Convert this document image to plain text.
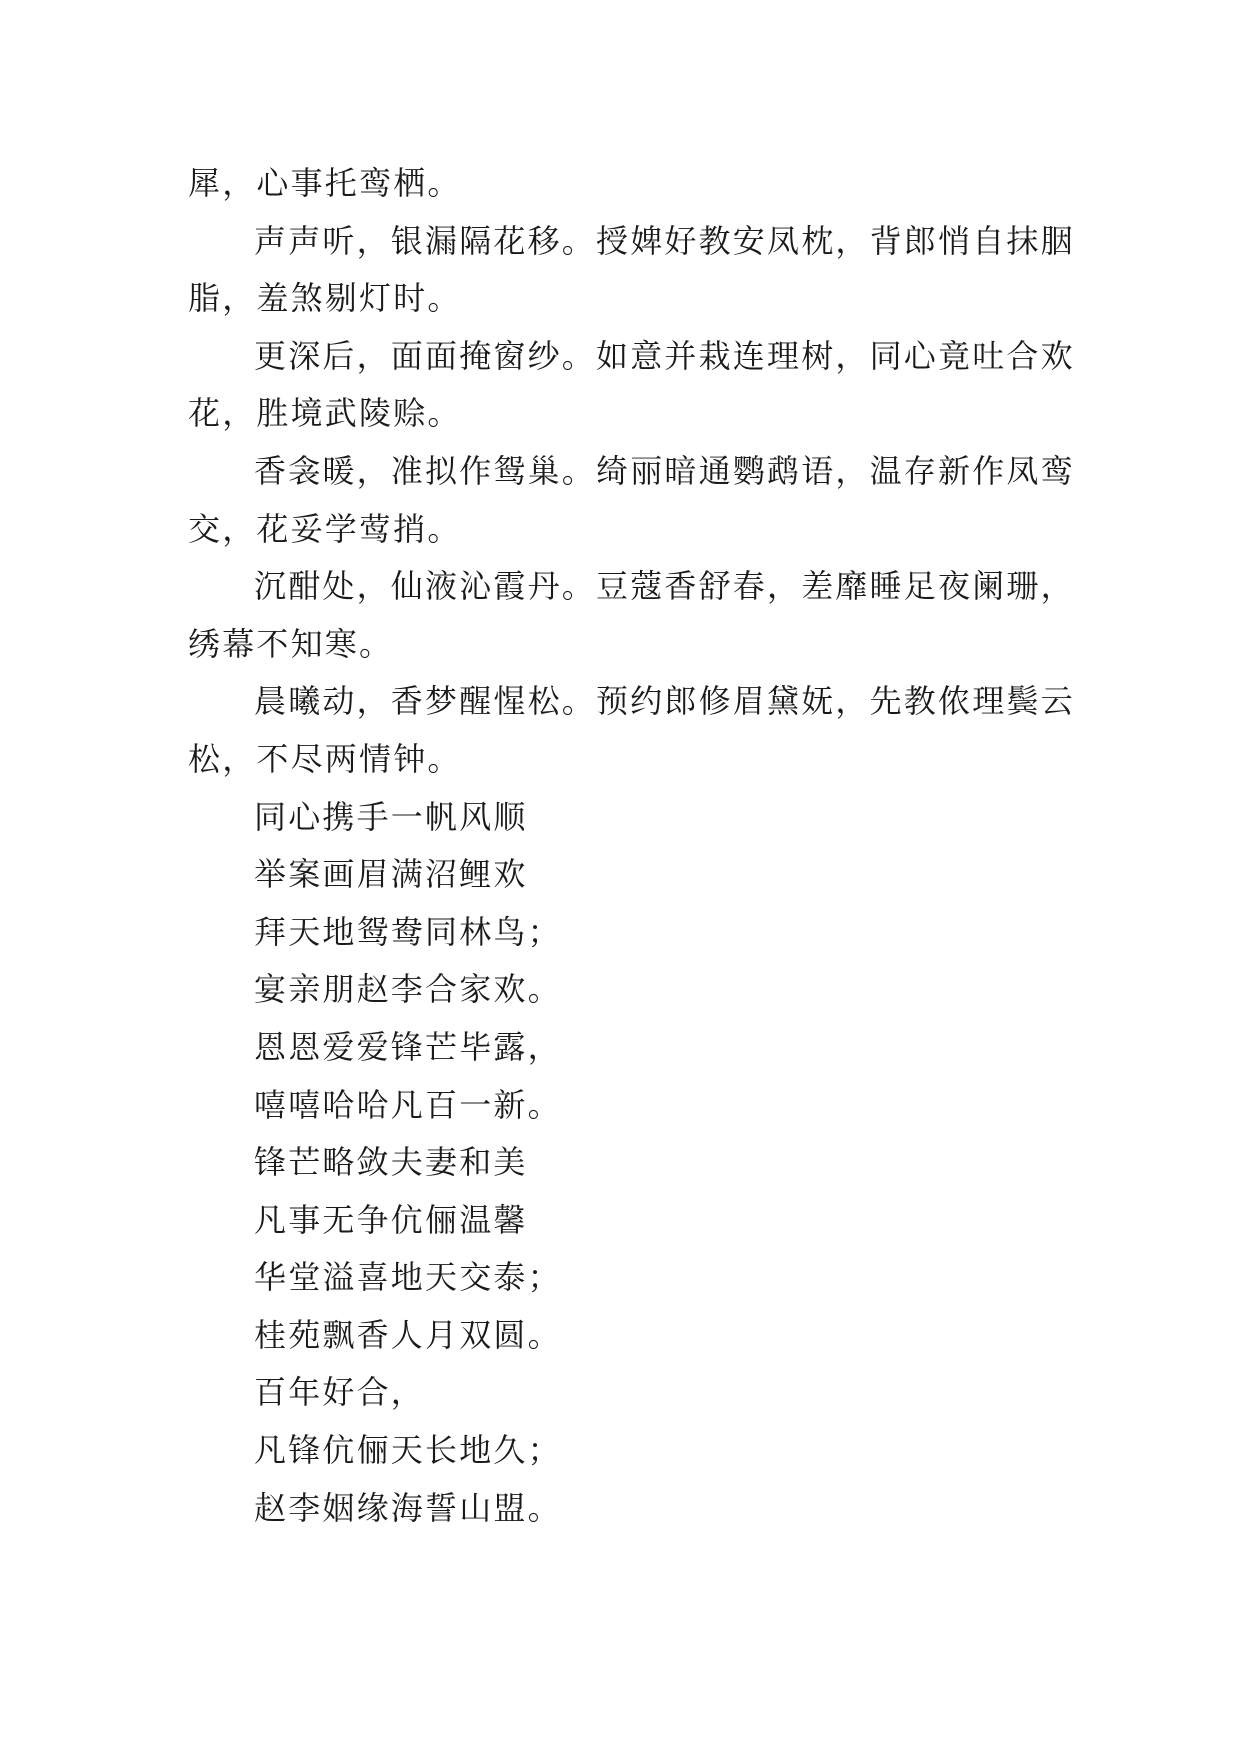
犀，心事托鸾栖。
声声听，银漏隔花移。授婢好教安凤枕，背郎悄自抹胭
脂，羞煞剔灯时。
更深后，面面掩窗纱。如意并栽连理树，同心竟吐合欢
花，胜境武陵赊。
香衾暖，准拟作鸳巢。绮丽暗通鹦鹉语，温存新作凤鸾
交，花妥学莺捎。
沉酣处，仙液沁霞丹。豆蔻香舒春，差靡睡足夜阑珊，
绣幕不知寒。
晨曦动，香梦醒惺松。预约郎修眉黛妩，先教侬理鬓云
松，不尽两情钟。
同心携手一帆风顺
举案画眉满沼鲤欢
拜天地鸳鸯同林鸟；
宴亲朋赵李合家欢。
恩恩爱爱锋芒毕露，
嘻嘻哈哈凡百一新。
锋芒略敛夫妻和美
凡事无争伉俪温馨
华堂溢喜地天交泰；
桂苑飘香人月双圆。
百年好合，
凡锋伉俪天长地久；
赵李姻缘海誓山盟。
